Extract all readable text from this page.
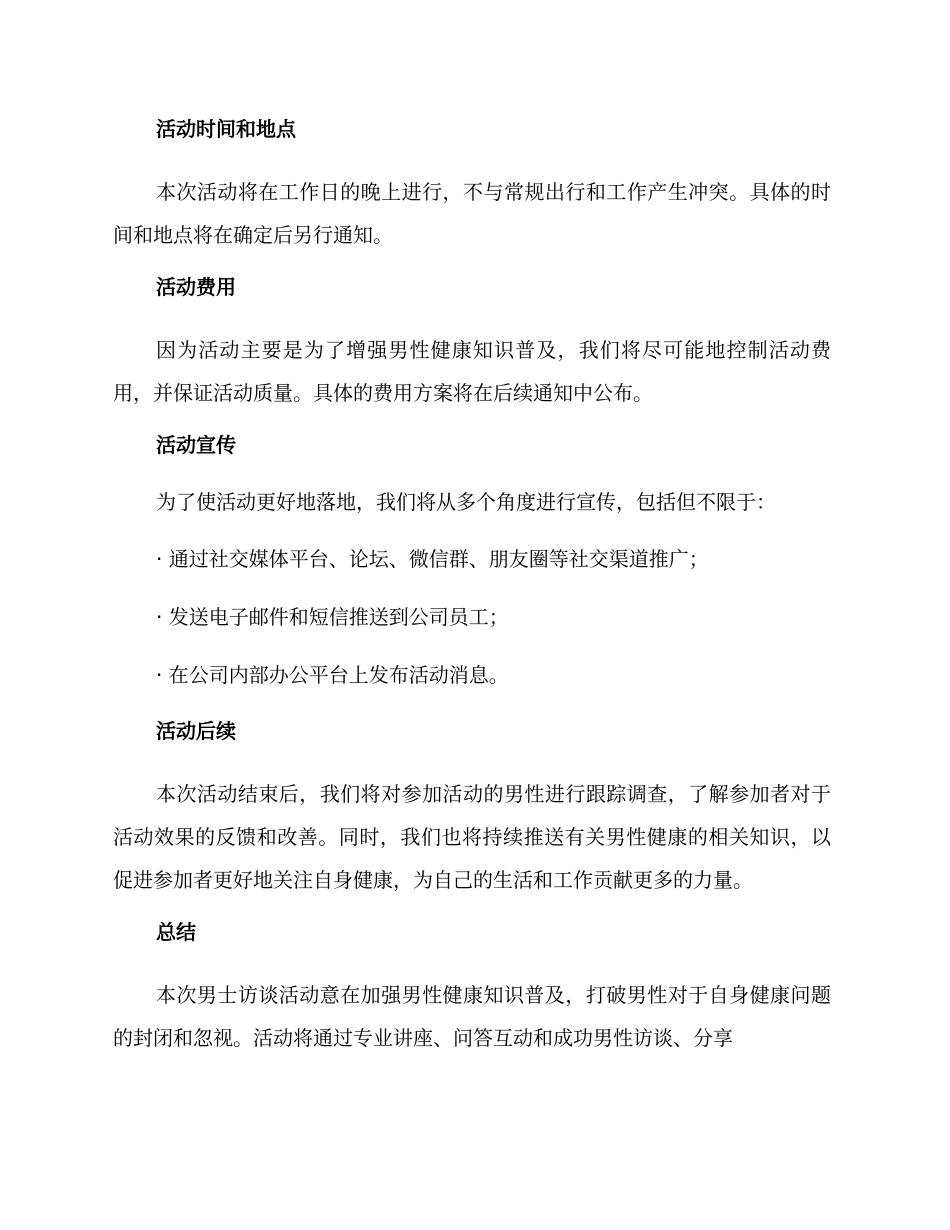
活动时间和地点

本次活动将在工作日的晚上进行，不与常规出行和工作产生冲突。具体的时间和地点将在确定后另行通知。

活动费用

因为活动主要是为了增强男性健康知识普及，我们将尽可能地控制活动费用，并保证活动质量。具体的费用方案将在后续通知中公布。

活动宣传
为了使活动更好地落地，我们将从多个角度进行宣传，包括但不限于：
· 通过社交媒体平台、论坛、微信群、朋友圈等社交渠道推广；
· 发送电子邮件和短信推送到公司员工；
· 在公司内部办公平台上发布活动消息。
活动后续

本次活动结束后，我们将对参加活动的男性进行跟踪调查，了解参加者对于活动效果的反馈和改善。同时，我们也将持续推送有关男性健康的相关知识，以促进参加者更好地关注自身健康，为自己的生活和工作贡献更多的力量。

总结

本次男士访谈活动意在加强男性健康知识普及，打破男性对于自身健康问题的封闭和忽视。活动将通过专业讲座、问答互动和成功男性访谈、分享
